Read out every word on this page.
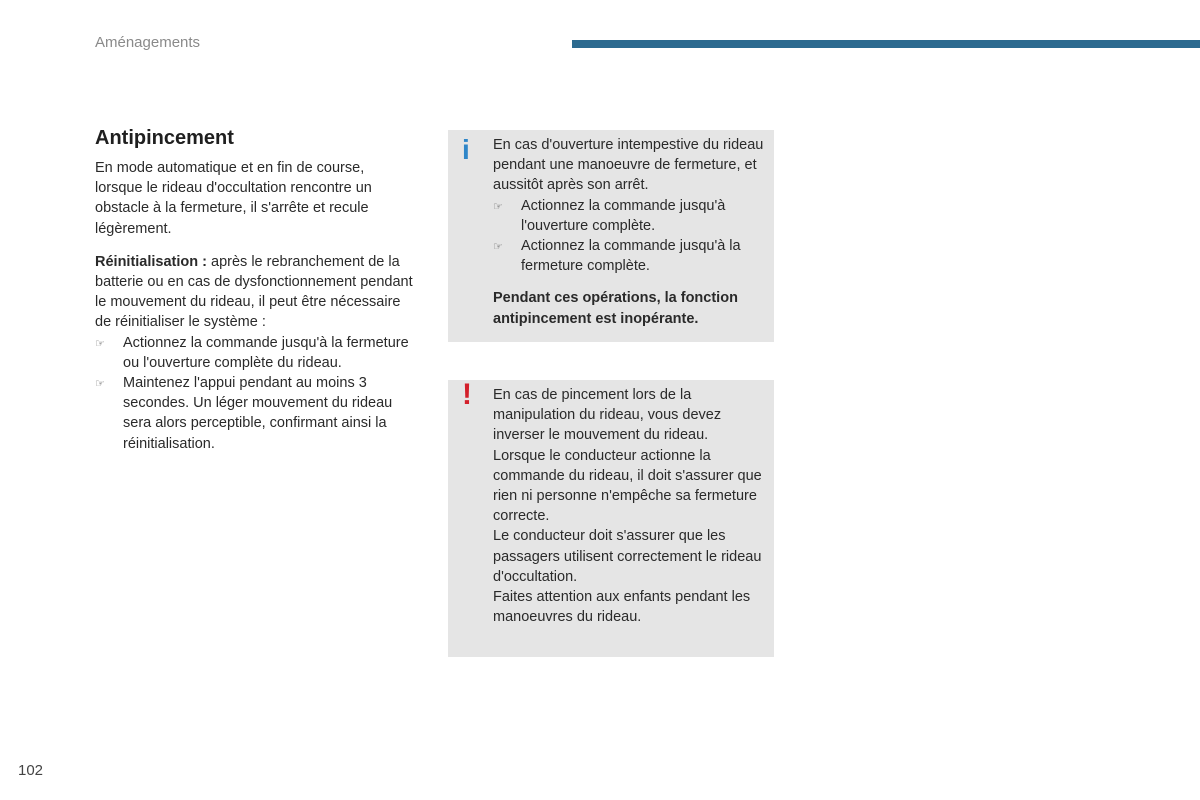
Aménagements
Antipincement

En mode automatique et en fin de course, lorsque le rideau d'occultation rencontre un obstacle à la fermeture, il s'arrête et recule légèrement.

Réinitialisation : après le rebranchement de la batterie ou en cas de dysfonctionnement pendant le mouvement du rideau, il peut être nécessaire de réinitialiser le système :

☞ Actionnez la commande jusqu'à la fermeture ou l'ouverture complète du rideau.
☞ Maintenez l'appui pendant au moins 3 secondes. Un léger mouvement du rideau sera alors perceptible, confirmant ainsi la réinitialisation.
i En cas d'ouverture intempestive du rideau pendant une manoeuvre de fermeture, et aussitôt après son arrêt.

☞ Actionnez la commande jusqu'à l'ouverture complète.
☞ Actionnez la commande jusqu'à la fermeture complète.

Pendant ces opérations, la fonction antipincement est inopérante.

! En cas de pincement lors de la manipulation du rideau, vous devez inverser le mouvement du rideau.

Lorsque le conducteur actionne la commande du rideau, il doit s'assurer que rien ni personne n'empêche sa fermeture correcte.

Le conducteur doit s'assurer que les passagers utilisent correctement le rideau d'occultation.

Faites attention aux enfants pendant les manoeuvres du rideau.

102
